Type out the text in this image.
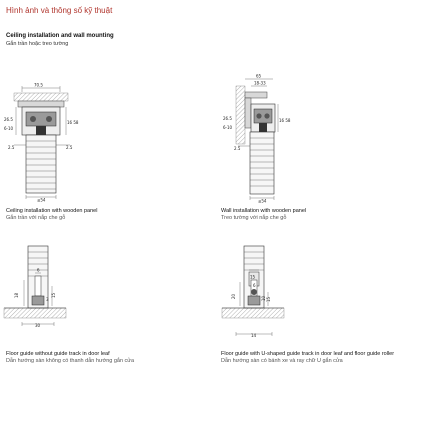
Hình ảnh và thông số kỹ thuật
Ceiling installation and wall mounting
Gắn trần hoặc treo tường
70.5
26.5
6-10
16 58
2.5	2.5
≤54
65
18-33
26.5
6-10
16 58
2.5
≤54
6
18	15
3
30
15
6
20	10 15
14
Ceiling installation with wooden panel
Gắn trần với nắp che gỗ
Wall installation with wooden panel
Treo tường với nắp che gỗ
Floor guide without guide track in door leaf
Dẫn hướng sàn không có thanh dẫn hướng gắn cửa
Floor guide with U-shaped guide track in door leaf and floor guide roller
Dẫn hướng sàn có bánh xe và ray chữ U gắn cửa
